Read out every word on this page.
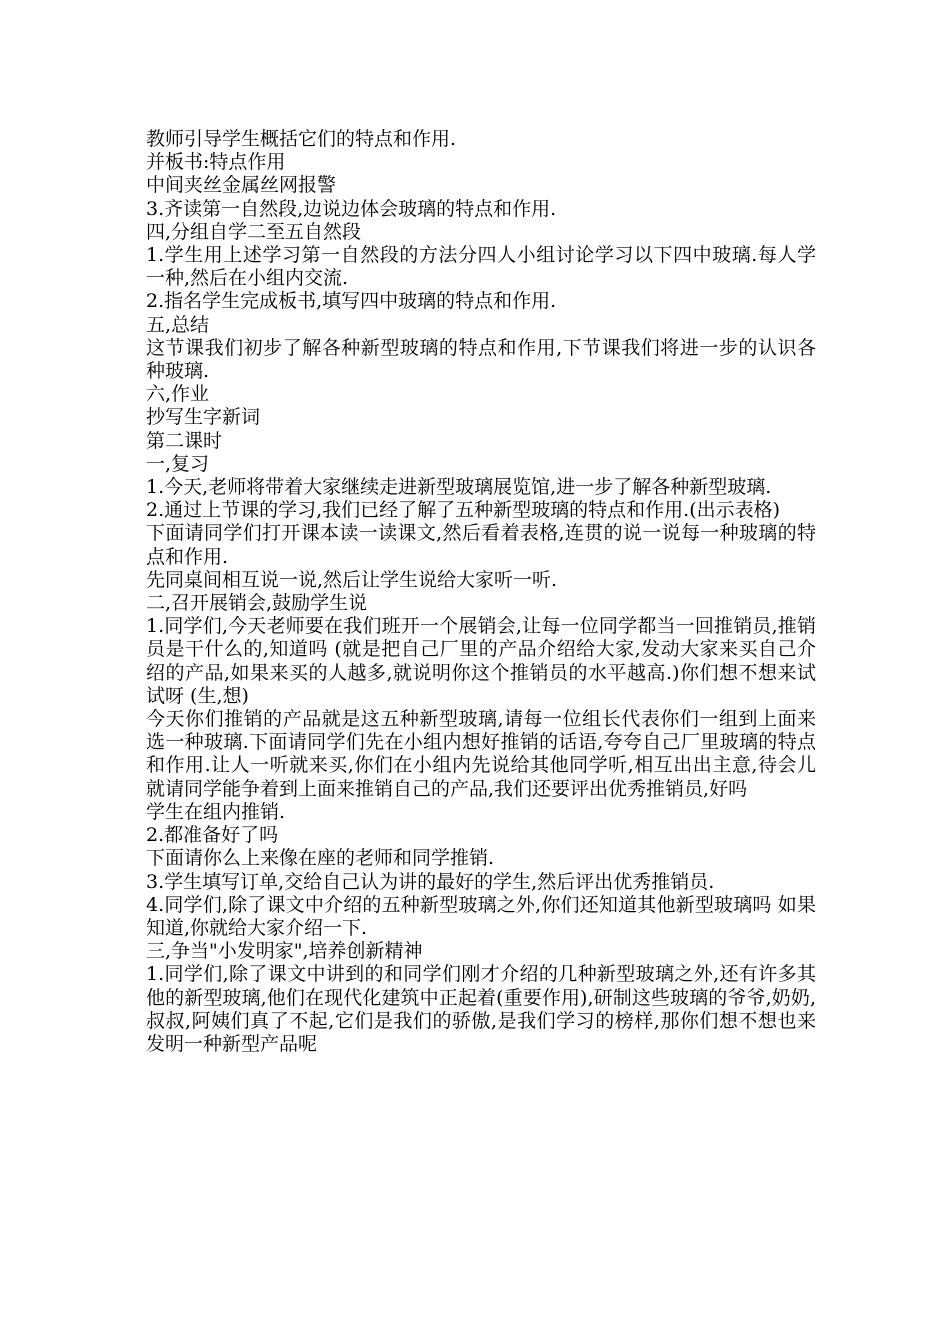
教师引导学生概括它们的特点和作用.

并板书:特点作用

中间夹丝金属丝网报警

3.齐读第一自然段,边说边体会玻璃的特点和作用.

四,分组自学二至五自然段

1.学生用上述学习第一自然段的方法分四人小组讨论学习以下四中玻璃.每人学一种,然后在小组内交流.

2.指名学生完成板书,填写四中玻璃的特点和作用.

五,总结

这节课我们初步了解各种新型玻璃的特点和作用,下节课我们将进一步的认识各种玻璃.

六,作业

抄写生字新词

第二课时

一,复习

1.今天,老师将带着大家继续走进新型玻璃展览馆,进一步了解各种新型玻璃.

2.通过上节课的学习,我们已经了解了五种新型玻璃的特点和作用.(出示表格)

下面请同学们打开课本读一读课文,然后看着表格,连贯的说一说每一种玻璃的特点和作用.

先同桌间相互说一说,然后让学生说给大家听一听.

二,召开展销会,鼓励学生说

1.同学们,今天老师要在我们班开一个展销会,让每一位同学都当一回推销员,推销员是干什么的,知道吗 (就是把自己厂里的产品介绍给大家,发动大家来买自己介绍的产品,如果来买的人越多,就说明你这个推销员的水平越高.)你们想不想来试试呀 (生,想)

今天你们推销的产品就是这五种新型玻璃,请每一位组长代表你们一组到上面来选一种玻璃.下面请同学们先在小组内想好推销的话语,夸夸自己厂里玻璃的特点和作用.让人一听就来买,你们在小组内先说给其他同学听,相互出出主意,待会儿就请同学能争着到上面来推销自己的产品,我们还要评出优秀推销员,好吗

学生在组内推销.

2.都准备好了吗

下面请你么上来像在座的老师和同学推销.

3.学生填写订单,交给自己认为讲的最好的学生,然后评出优秀推销员.

4.同学们,除了课文中介绍的五种新型玻璃之外,你们还知道其他新型玻璃吗 如果知道,你就给大家介绍一下.

三,争当"小发明家",培养创新精神

1.同学们,除了课文中讲到的和同学们刚才介绍的几种新型玻璃之外,还有许多其他的新型玻璃,他们在现代化建筑中正起着(重要作用),研制这些玻璃的爷爷,奶奶,叔叔,阿姨们真了不起,它们是我们的骄傲,是我们学习的榜样,那你们想不想也来发明一种新型产品呢
